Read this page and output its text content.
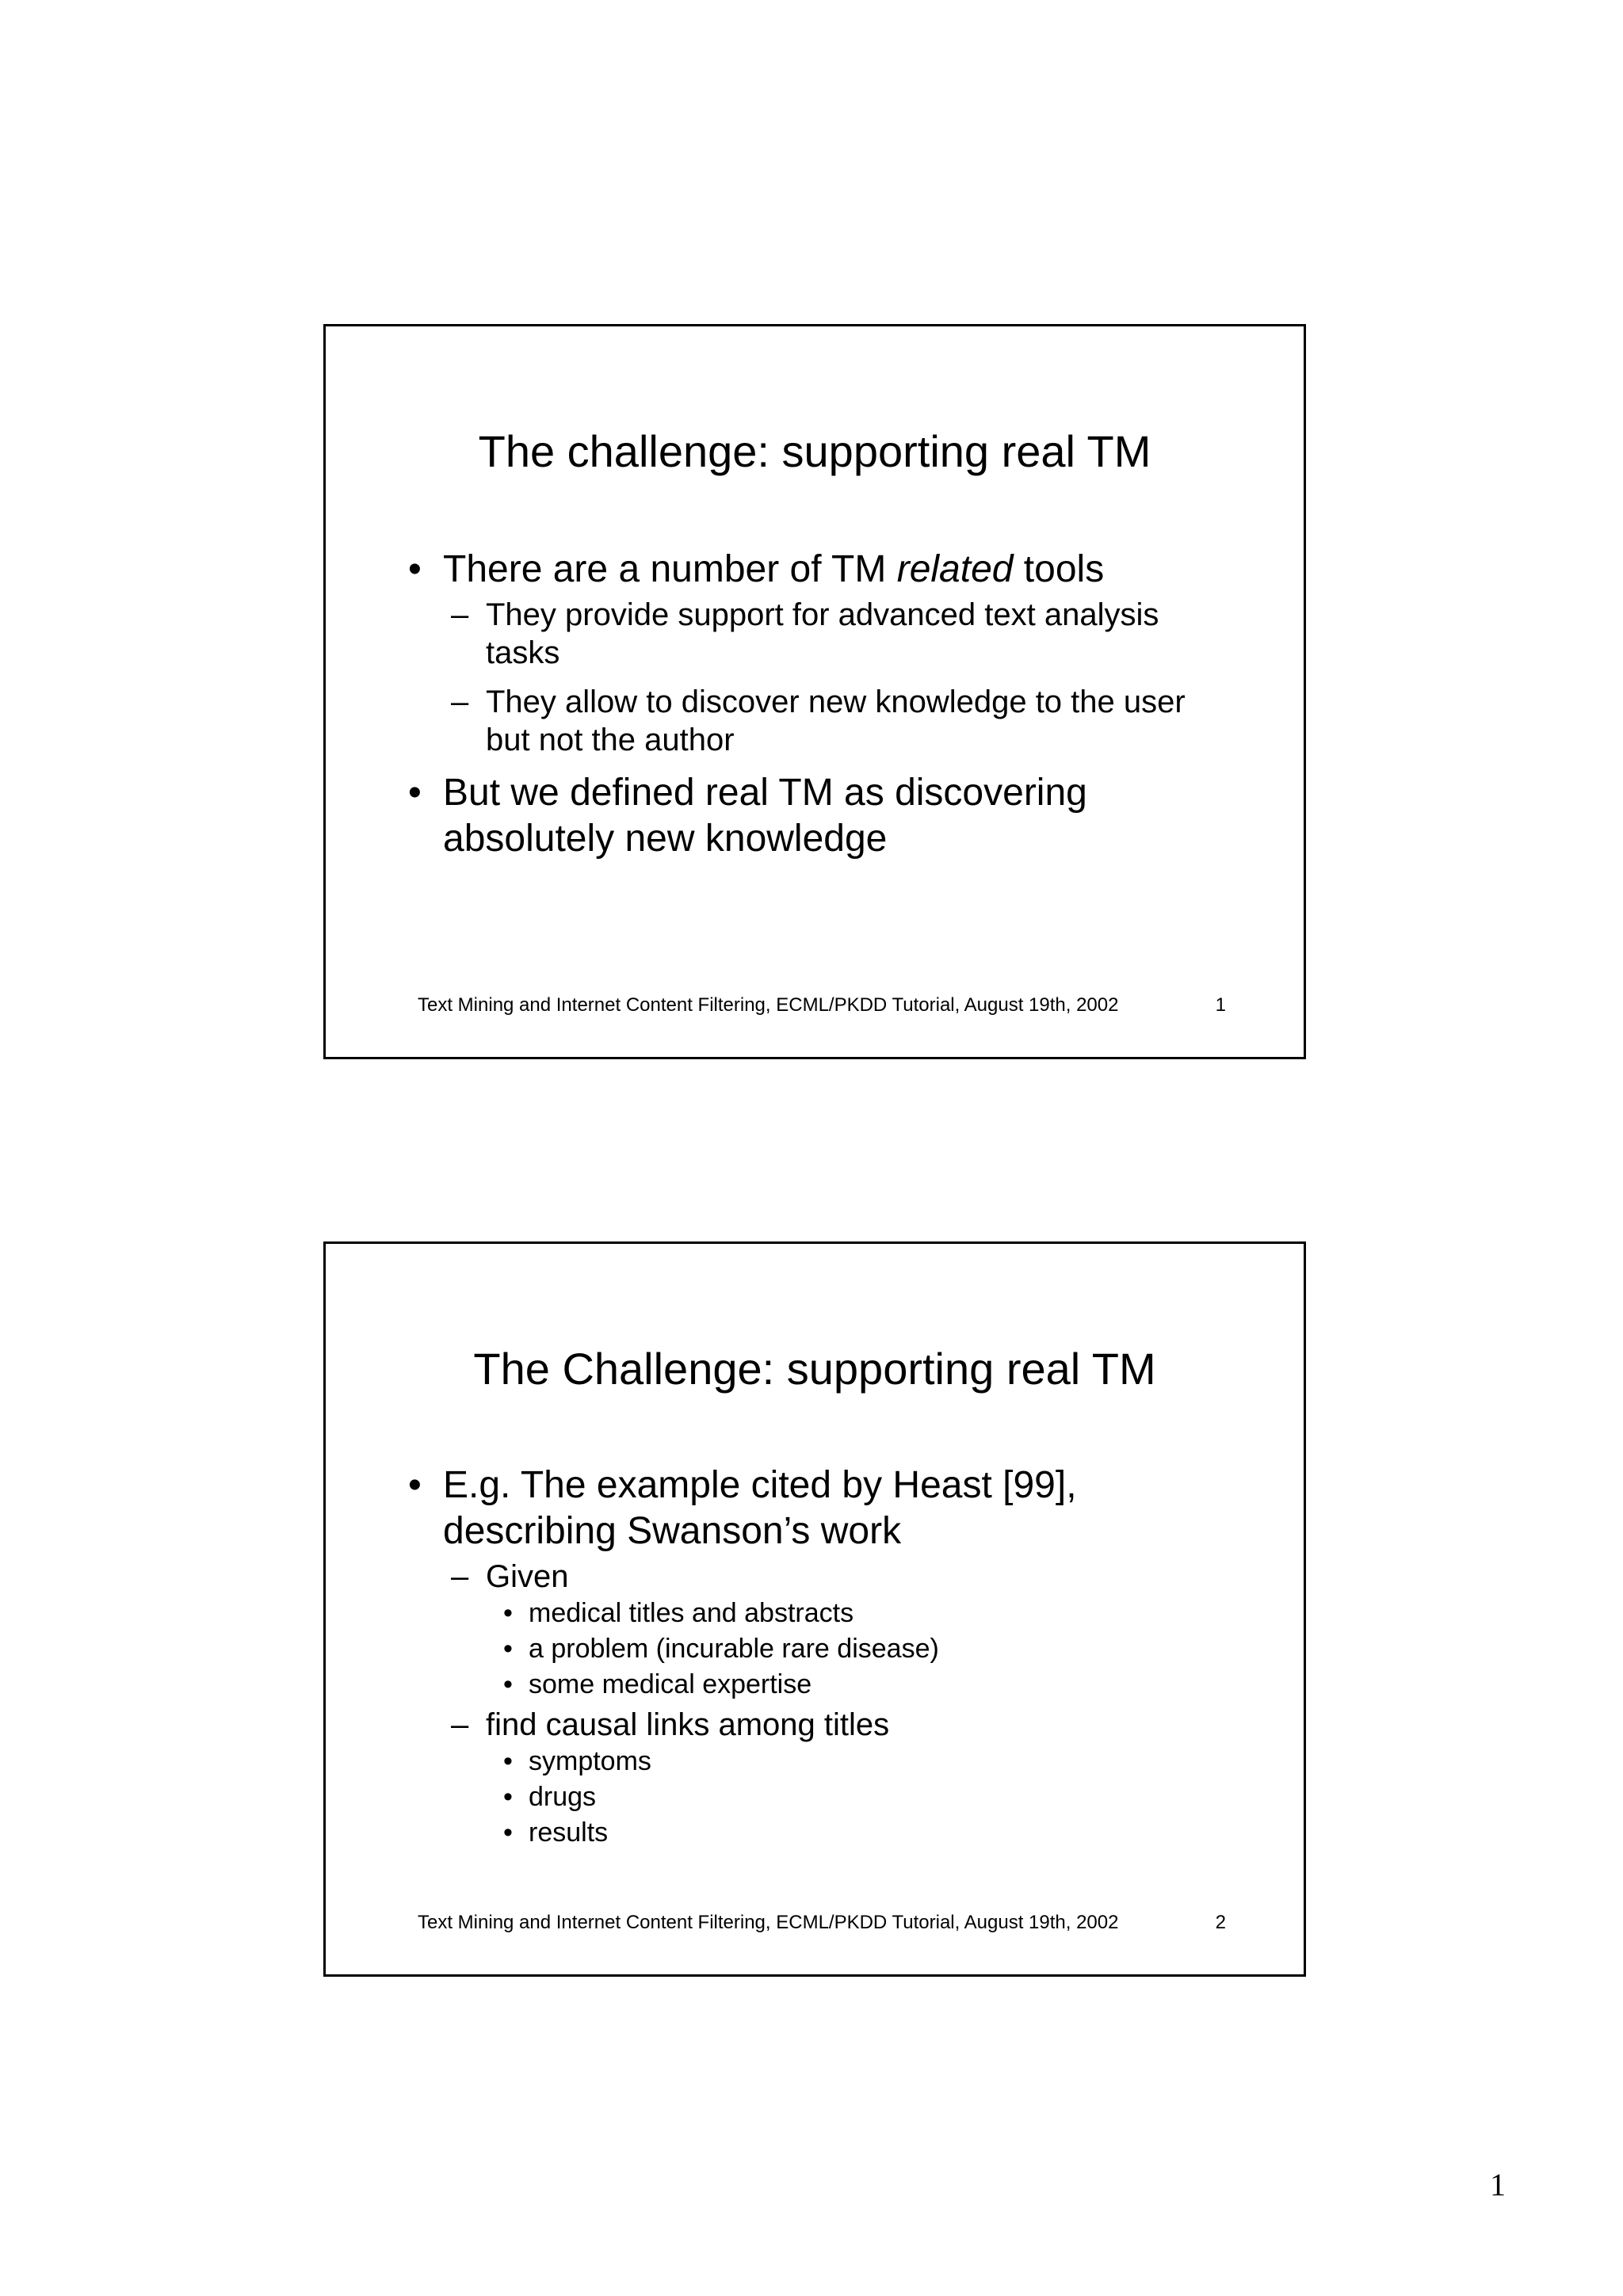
The challenge: supporting real TM
• There are a number of TM related tools
– They provide support for advanced text analysis tasks
– They allow to discover new knowledge to the user but not the author
• But we defined real TM as discovering absolutely new knowledge
Text Mining and Internet Content Filtering, ECML/PKDD Tutorial, August 19th, 2002	1
The Challenge: supporting real TM
• E.g. The example cited by Heast [99], describing Swanson’s work
– Given
• medical titles and abstracts
• a problem (incurable rare disease)
• some medical expertise
– find causal links among titles
• symptoms
• drugs
• results
Text Mining and Internet Content Filtering, ECML/PKDD Tutorial, August 19th, 2002	2
1
